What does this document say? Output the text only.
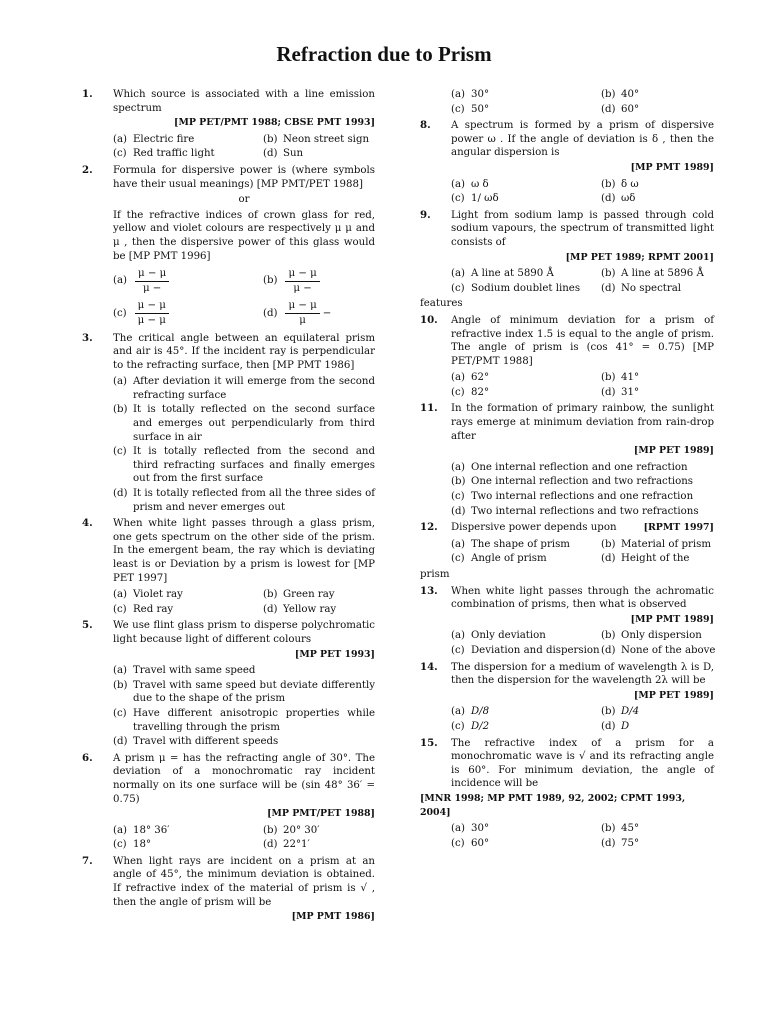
Refraction due to Prism
1. Which source is associated with a line emission spectrum
[MP PET/PMT 1988; CBSE PMT 1993]
(a) Electric fire	(b) Neon street sign
(c) Red traffic light	(d) Sun
2. Formula for dispersive power is (where symbols have their usual meanings) [MP PMT/PET 1988]
or
If the refractive indices of crown glass for red, yellow and violet colours are respectively μ μ and μ , then the dispersive power of this glass would be [MP PMT 1996]
$(a) \frac{\mu - \mu}{\mu -}$	$(b) \frac{\mu - \mu}{\mu -}$
$(c) \frac{\mu - \mu}{\mu - \mu}$	$(d) \frac{\mu - \mu}{\mu}$ −
3. The critical angle between an equilateral prism and air is 45°. If the incident ray is perpendicular to the refracting surface, then [MP PMT 1986]
(a) After deviation it will emerge from the second refracting surface
(b) It is totally reflected on the second surface and emerges out perpendicularly from third surface in air
(c) It is totally reflected from the second and third refracting surfaces and finally emerges out from the first surface
(d) It is totally reflected from all the three sides of prism and never emerges out
4. When white light passes through a glass prism, one gets spectrum on the other side of the prism. In the emergent beam, the ray which is deviating least is or Deviation by a prism is lowest for [MP PET 1997]
(a) Violet ray	(b) Green ray
(c) Red ray	(d) Yellow ray
5. We use flint glass prism to disperse polychromatic light because light of different colours
[MP PET 1993]
(a) Travel with same speed
(b) Travel with same speed but deviate differently due to the shape of the prism
(c) Have different anisotropic properties while travelling through the prism
(d) Travel with different speeds
6. A prism μ = has the refracting angle of 30°. The deviation of a monochromatic ray incident normally on its one surface will be (sin 48° 36′ = 0.75)
[MP PMT/PET 1988]
(a) 18° 36′	(b) 20° 30′
(c) 18°	(d) 22°1′
7. When light rays are incident on a prism at an angle of 45°, the minimum deviation is obtained. If refractive index of the material of prism is √ , then the angle of prism will be
[MP PMT 1986]
(a) 30°	(b) 40°
(c) 50°	(d) 60°
8. A spectrum is formed by a prism of dispersive power ω . If the angle of deviation is δ , then the angular dispersion is
[MP PMT 1989]
(a) ω δ	(b) δ ω
(c) 1/ ωδ	(d) ωδ
9. Light from sodium lamp is passed through cold sodium vapours, the spectrum of transmitted light consists of
[MP PET 1989; RPMT 2001]
(a) A line at 5890 Å	(b) A line at 5896 Å
(c) Sodium doublet lines	(d) No spectral
features
10. Angle of minimum deviation for a prism of refractive index 1.5 is equal to the angle of prism. The angle of prism is (cos 41° = 0.75) [MP PET/PMT 1988]
(a) 62°	(b) 41°
(c) 82°	(d) 31°
11. In the formation of primary rainbow, the sunlight rays emerge at minimum deviation from rain-drop after
[MP PET 1989]
(a) One internal reflection and one refraction
(b) One internal reflection and two refractions
(c) Two internal reflections and one refraction
(d) Two internal reflections and two refractions
12. Dispersive power depends upon	[RPMT 1997]
(a) The shape of prism	(b) Material of prism
(c) Angle of prism	(d) Height of the
prism
13. When white light passes through the achromatic combination of prisms, then what is observed
[MP PMT 1989]
(a) Only deviation	(b) Only dispersion
(c) Deviation and dispersion (d) None of the above
14. The dispersion for a medium of wavelength λ is D, then the dispersion for the wavelength 2λ will be
[MP PET 1989]
(a) D/8	(b) D/4
(c) D/2	(d) D
15. The refractive index of a prism for a monochromatic wave is √ and its refracting angle is 60°. For minimum deviation, the angle of incidence will be
[MNR 1998; MP PMT 1989, 92, 2002; CPMT 1993, 2004]
(a) 30°	(b) 45°
(c) 60°	(d) 75°
